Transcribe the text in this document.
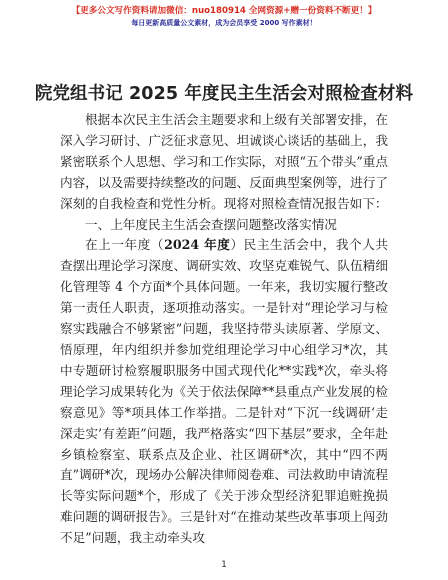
【更多公文写作资料请加微信：nuo180914 全网资源+赠一份资料不断更！】
每日更新高质量公文素材，成为会员享受 2000 写作素材！
院党组书记 2025 年度民主生活会对照检查材料

根据本次民主生活会主题要求和上级有关部署安排，在深入学习研讨、广泛征求意见、坦诚谈心谈话的基础上，我紧密联系个人思想、学习和工作实际，对照“五个带头”重点内容，以及需要持续整改的问题、反面典型案例等，进行了深刻的自我检查和党性分析。现将对照检查情况报告如下：

一、上年度民主生活会查摆问题整改落实情况

在上一年度（2024 年度）民主生活会中，我个人共查摆出理论学习深度、调研实效、攻坚克难锐气、队伍精细化管理等 4 个方面*个具体问题。一年来，我切实履行整改第一责任人职责，逐项推动落实。一是针对“理论学习与检察实践融合不够紧密”问题，我坚持带头读原著、学原文、悟原理，年内组织并参加党组理论学习中心组学习*次，其中专题研讨检察履职服务中国式现代化**实践*次，牵头将理论学习成果转化为《关于依法保障**县重点产业发展的检察意见》等*项具体工作举措。二是针对“下沉一线调研‘走深走实’有差距”问题，我严格落实“四下基层”要求，全年赴乡镇检察室、联系点及企业、社区调研*次，其中“四不两直”调研*次，现场办公解决律师阅卷难、司法救助申请流程长等实际问题*个，形成了《关于涉众型经济犯罪追赃挽损难问题的调研报告》。三是针对“在推动某些改革事项上闯劲不足”问题，我主动牵头攻

1
